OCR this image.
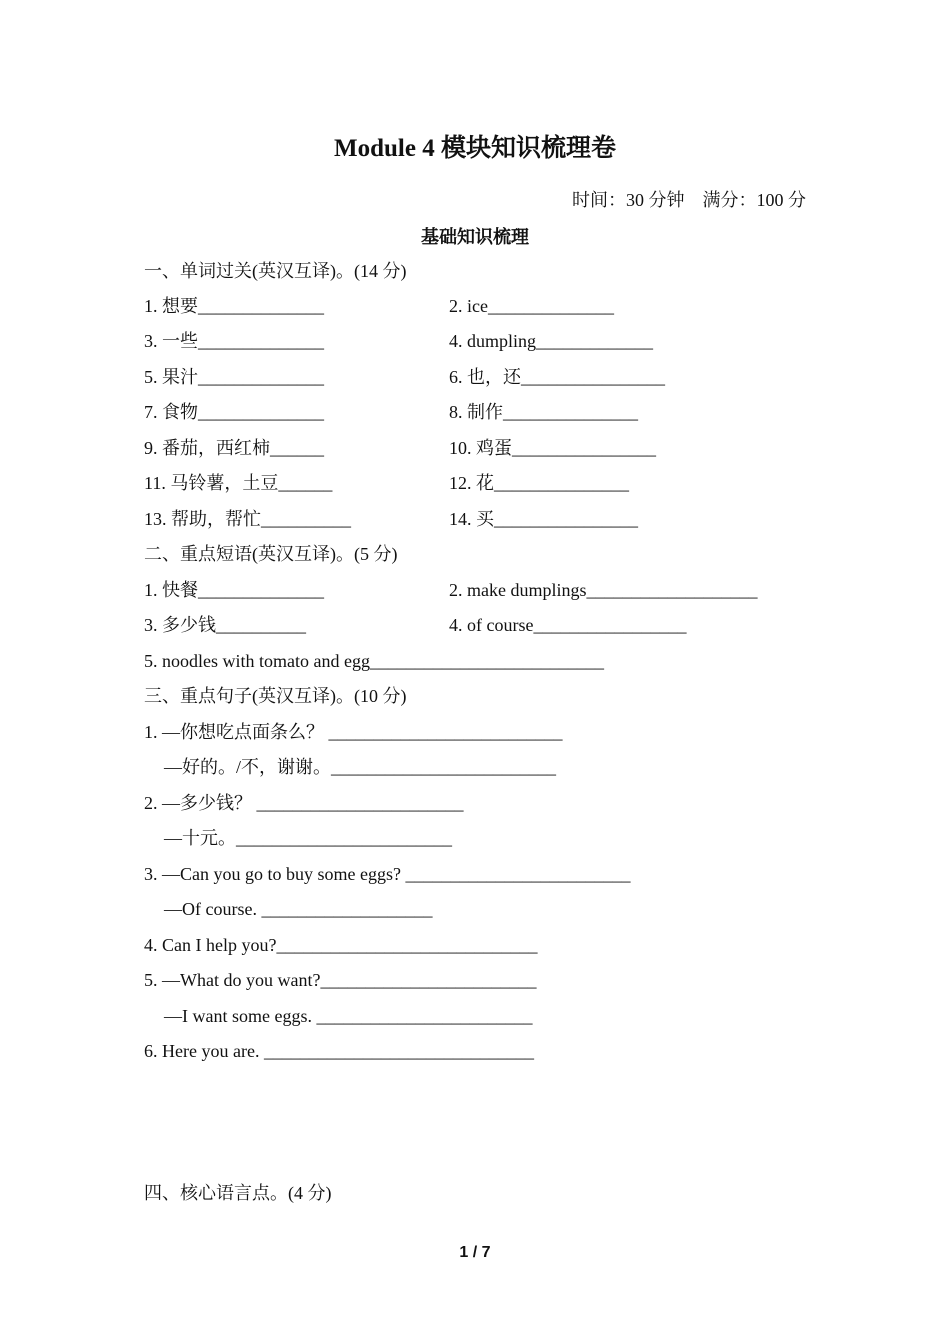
Module 4 模块知识梳理卷
时间：30 分钟    满分：100 分
基础知识梳理
一、单词过关(英汉互译)。(14 分)
1. 想要______________	2. ice______________
3. 一些______________	4. dumpling_____________
5. 果汁______________	6. 也，还________________
7. 食物______________	8. 制作_______________
9. 番茄，西红柿______	10. 鸡蛋________________
11. 马铃薯，土豆______	12. 花_______________
13. 帮助，帮忙__________	14. 买________________
二、重点短语(英汉互译)。(5 分)
1. 快餐______________	2. make dumplings___________________
3. 多少钱__________	4. of course_________________
5. noodles with tomato and egg__________________________
三、重点句子(英汉互译)。(10 分)
1. —你想吃点面条么？ __________________________
—好的。/不，谢谢。_________________________
2. —多少钱？ _______________________
—十元。________________________
3. —Can you go to buy some eggs? _________________________
—Of course. ___________________
4. Can I help you?_____________________________
5. —What do you want?________________________
—I want some eggs. ________________________
6. Here you are. ______________________________
四、核心语言点。(4 分)
1 / 7
